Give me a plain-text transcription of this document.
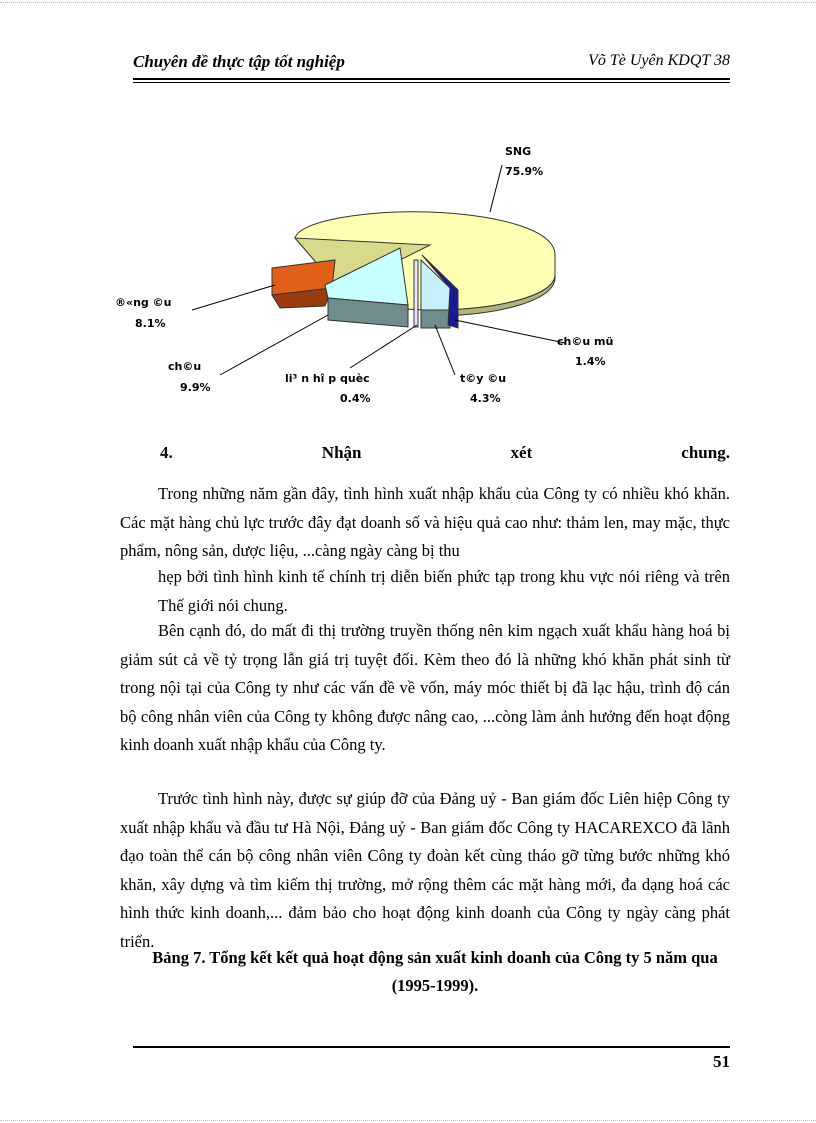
Chuyên đề thực tập tốt nghiệp	Võ Tè Uyên KDQT 38
SNG
75.9%
ch©u mü
1.4%
t©y ©u
4.3%
li³ n hî p quèc
0.4%
ch©u
9.9%
®«ng ©u
8.1%
4.	Nhận	xét	chung.
Trong những năm gần đây, tình hình xuất nhập khẩu của Công ty có nhiều khó khăn. Các mặt hàng chủ lực trước đây đạt doanh số và hiệu quả cao như: thảm len, may mặc, thực phẩm, nông sản, dược liệu, ...càng ngày càng bị thu
hẹp bởi tình hình kinh tế chính trị diễn biến phức tạp trong khu vực nói riêng và trên Thế giới nói chung.
Bên cạnh đó, do mất đi thị trường truyền thống nên kim ngạch xuất khẩu hàng hoá bị giảm sút cả về tỷ trọng lẫn giá trị tuyệt đối. Kèm theo đó là những khó khăn phát sinh từ trong nội tại của Công ty như các vấn đề về vốn, máy móc thiết bị đã lạc hậu, trình độ cán bộ công nhân viên của Công ty không được nâng cao, ...còng làm ảnh hưởng đến hoạt động kinh doanh xuất nhập khẩu của Công ty.
Trước tình hình này, được sự giúp đỡ của Đảng uỷ - Ban giám đốc Liên hiệp Công ty xuất nhập khẩu và đầu tư Hà Nội, Đảng uỷ - Ban giám đốc Công ty HACAREXCO đã lãnh đạo toàn thể cán bộ công nhân viên Công ty đoàn kết cùng tháo gỡ từng bước những khó khăn, xây dựng và tìm kiếm thị trường, mở rộng thêm các mặt hàng mới, đa dạng hoá các hình thức kinh doanh,... đảm bảo cho hoạt động kinh doanh của Công ty ngày càng phát triển.
Bảng 7. Tổng kết kết quả hoạt động sản xuất kinh doanh của Công ty 5 năm qua (1995-1999).
51
